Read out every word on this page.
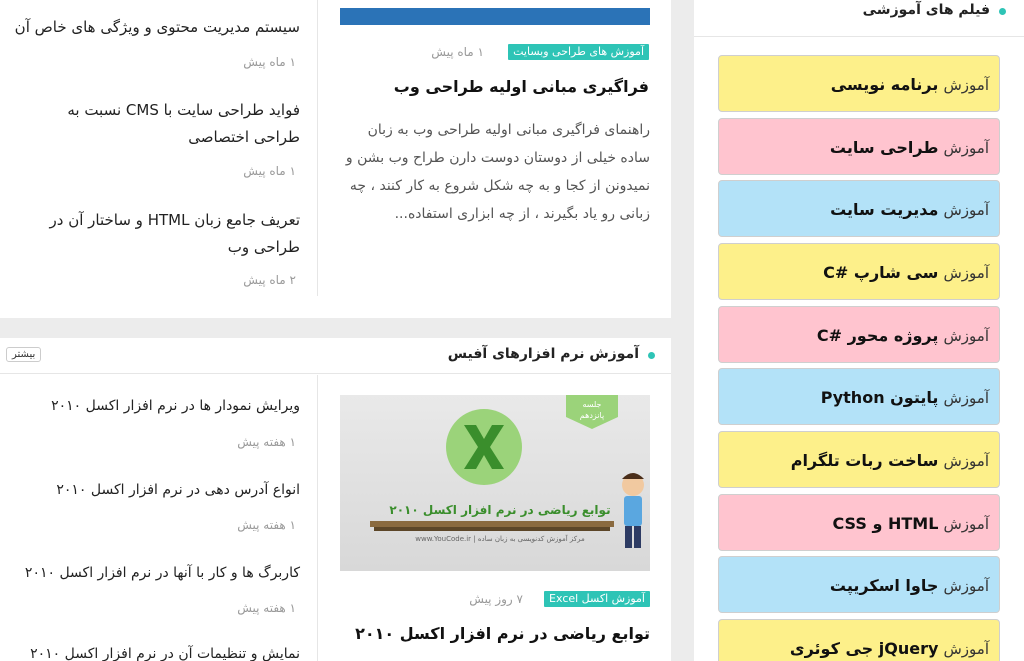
سیستم مدیریت محتوی و ویژگی های خاص آن
۱ ماه پیش
فواید طراحی سایت با CMS نسبت به طراحی اختصاصی
۱ ماه پیش
تعریف جامع زبان HTML و ساختار آن در طراحی وب
۲ ماه پیش
آموزش های طراحی وبسایت
۱ ماه پیش
فراگیری مبانی اولیه طراحی وب
راهنمای فراگیری مبانی اولیه طراحی وب به زبان ساده خیلی از دوستان دوست دارن طراح وب بشن و نمیدونن از کجا و به چه شکل شروع به کار کنند ، چه زبانی رو یاد بگیرند ، از چه ابزاری استفاده...
آموزش نرم افزارهای آفیس
بیشتر
ویرایش نمودار ها در نرم افزار اکسل ۲۰۱۰
۱ هفته پیش
انواع آدرس دهی در نرم افزار اکسل ۲۰۱۰
۱ هفته پیش
کاربرگ ها و کار با آنها در نرم افزار اکسل ۲۰۱۰
۱ هفته پیش
نمایش و تنظیمات آن در نرم افزار اکسل ۲۰۱۰
جلسه
پانزدهم
توابع ریاضی در نرم افزار اکسل ۲۰۱۰
مرکز آموزش کدنویسی به زبان ساده | www.YouCode.ir
آموزش اکسل Excel
۷ روز پیش
توابع ریاضی در نرم افزار اکسل ۲۰۱۰
فیلم های آموزشی
آموزش برنامه نویسی
آموزش طراحی سایت
آموزش مدیریت سایت
آموزش سی شارپ #C
آموزش پروژه محور #C
آموزش پایتون Python
آموزش ساخت ربات تلگرام
آموزش HTML و CSS
آموزش جاوا اسکریپت
آموزش jQuery جی کوئری
